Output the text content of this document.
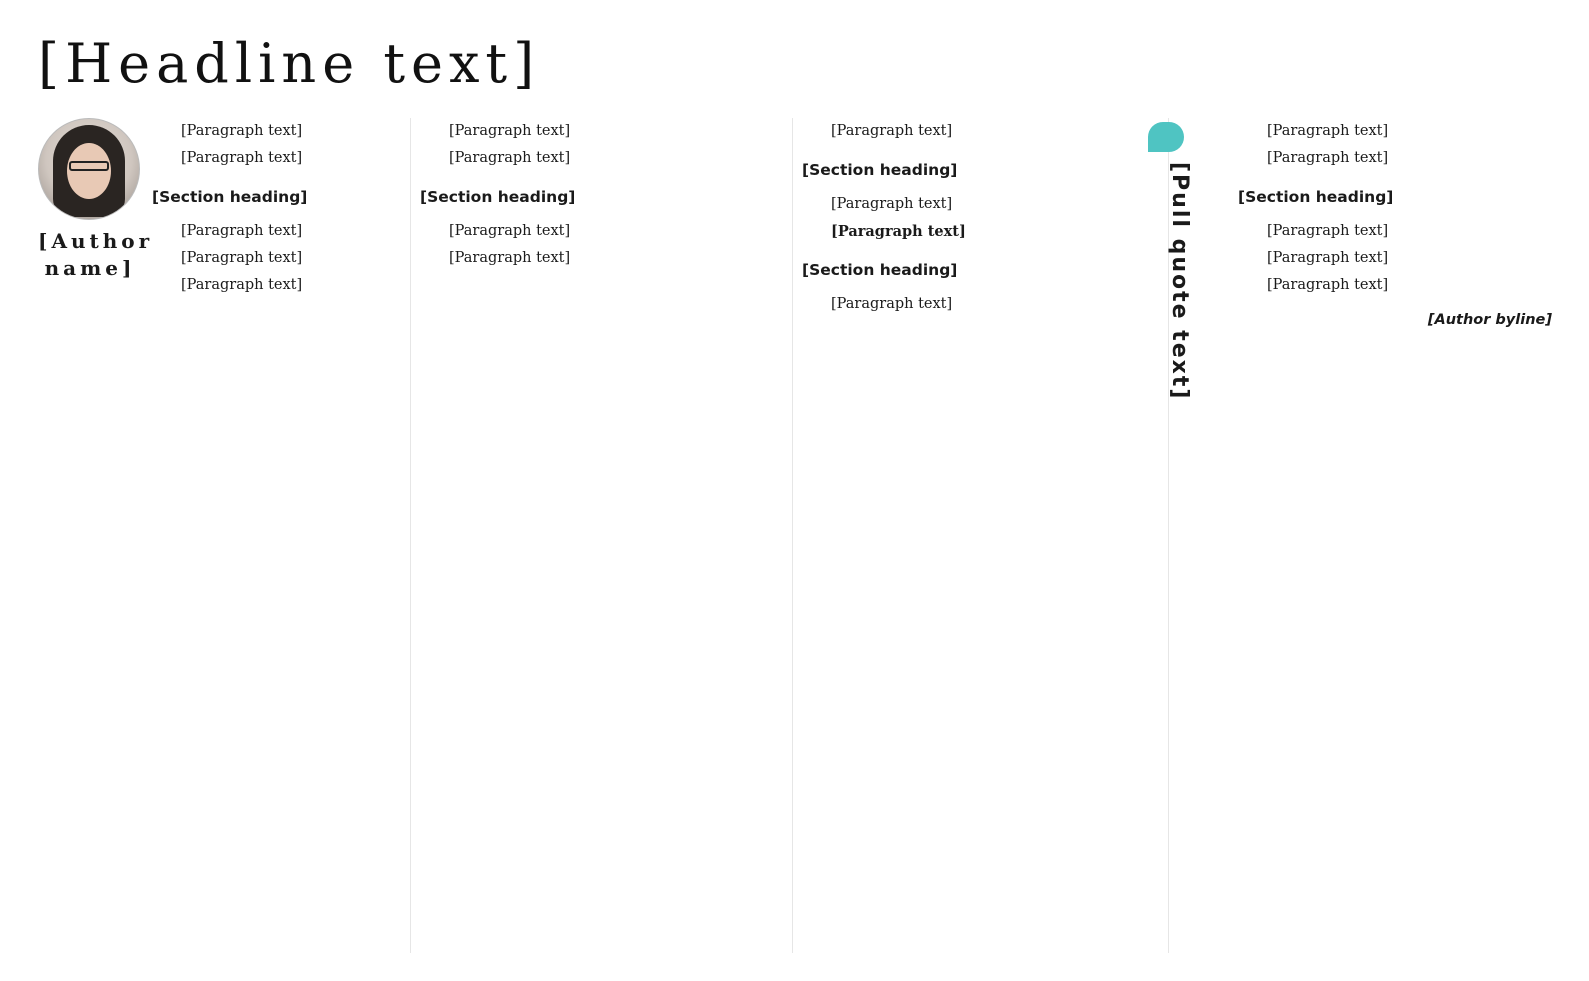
[Headline text]
[Author name]

[Paragraph text]

[Paragraph text]

[Section heading]

[Paragraph text]

[Paragraph text]

[Paragraph text]

[Paragraph text]

[Paragraph text]

[Section heading]

[Paragraph text]

[Paragraph text]

[Paragraph text]

[Section heading]

[Paragraph text]

[Paragraph text]

[Section heading]

[Paragraph text]

[Paragraph text]

[Paragraph text]

[Section heading]

[Paragraph text]

[Paragraph text]

[Paragraph text]

[Author byline]
[Pull quote text]
